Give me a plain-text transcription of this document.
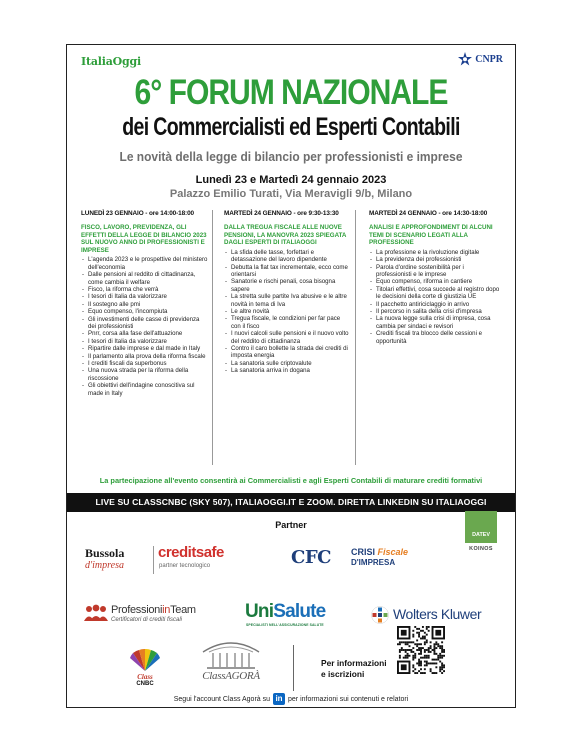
ItaliaOggi	CNPR
6° FORUM NAZIONALE
dei Commercialisti ed Esperti Contabili
Le novità della legge di bilancio per professionisti e imprese
Lunedì 23 e Martedì 24 gennaio 2023
Palazzo Emilio Turati, Via Meravigli 9/b, Milano
LUNEDÌ 23 GENNAIO - ore 14:00-18:00
FISCO, LAVORO, PREVIDENZA, GLI EFFETTI DELLA LEGGE DI BILANCIO 2023 SUL NUOVO ANNO DI PROFESSIONISTI E IMPRESE
- L'agenda 2023 e le prospettive del ministero dell'economia
- Dalle pensioni al reddito di cittadinanza, come cambia il welfare
- Fisco, la riforma che verrà
- I tesori di Italia da valorizzare
- Il sostegno alle pmi
- Equo compenso, l'incompiuta
- Gli investimenti delle casse di previdenza dei professionisti
- Pnrr, corsa alla fase dell'attuazione
- I tesori di Italia da valorizzare
- Ripartire dalle imprese e dal made in Italy
- Il parlamento alla prova della riforma fiscale
- I crediti fiscali da superbonus
- Una nuova strada per la riforma della riscossione
- Gli obiettivi dell'indagine conoscitiva sul made in Italy
MARTEDÌ 24 GENNAIO - ore 9:30-13:30
DALLA TREGUA FISCALE ALLE NUOVE PENSIONI, LA MANOVRA 2023 SPIEGATA DAGLI ESPERTI DI ITALIAOGGI
- La sfida delle tasse, forfettari e detassazione del lavoro dipendente
- Debutta la flat tax incrementale, ecco come orientarsi
- Sanatorie e rischi penali, cosa bisogna sapere
- La stretta sulle partite Iva abusive e le altre novità in tema di Iva
- Le altre novità
- Tregua fiscale, le condizioni per far pace con il fisco
- I nuovi calcoli sulle pensioni e il nuovo volto del reddito di cittadinanza
- Contro il caro bollette la strada dei crediti di imposta energia
- La sanatoria sulle criptovalute
- La sanatoria arriva in dogana
MARTEDÌ 24 GENNAIO - ore 14:30-18:00
ANALISI E APPROFONDIMENT DI ALCUNI TEMI DI SCENARIO LEGATI ALLA PROFESSIONE
- La professione e la rivoluzione digitale
- La previdenza dei professionisti
- Parola d'ordine sostenibilità per i professionisti e le imprese
- Equo compenso, riforma in cantiere
- Titolari effettivi, cosa succede al registro dopo le decisioni della corte di giustizia UE
- Il pacchetto antiriciclaggio in arrivo
- Il percorso in salita della crisi d'impresa
- La nuova legge sulla crisi di impresa, cosa cambia per sindaci e revisori
- Crediti fiscali tra blocco delle cessioni e opportunità
La partecipazione all'evento consentirà ai Commercialisti e agli Esperti Contabili di maturare crediti formativi
LIVE SU CLASSCNBC (SKY 507), ITALIAOGGI.IT E ZOOM. DIRETTA LINKEDIN SU ITALIAOGGI
Partner
Bussola
d'impresa
creditsafe
partner tecnologico	CFC CRISI Fiscale
D'IMPRESA
DATEV
KOINOS
ProfessioniinTeam
Certificatori di crediti fiscali	UniSalute
SPECIALISTI NELL'ASSICURAZIONE SALUTE
Wolters Kluwer
Class
CNBC
ClassAGORÀ
Per informazioni e iscrizioni
Segui l'account Class Agorà su in per informazioni sui contenuti e relatori
